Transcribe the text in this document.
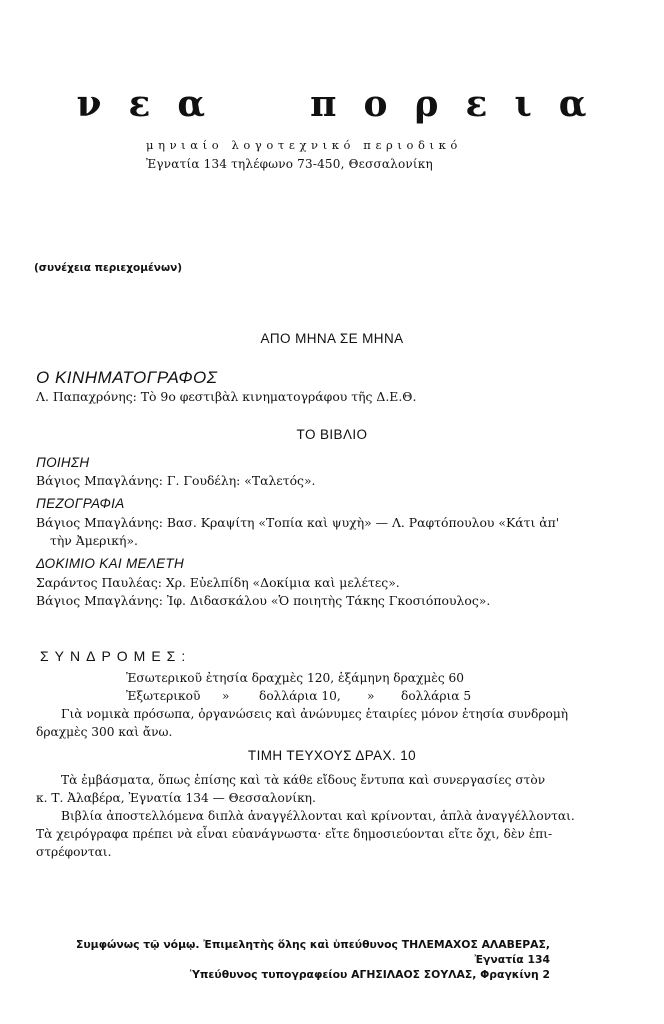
ν ε α	π ο ρ ε ι α
μηνιαίο λογοτεχνικό περιοδικό
Ἐγνατία 134 τηλέφωνο 73-450, Θεσσαλονίκη
(συνέχεια περιεχομένων)
ΑΠΟ ΜΗΝΑ ΣΕ ΜΗΝΑ
Ο ΚΙΝΗΜΑΤΟΓΡΑΦΟΣ
Λ. Παπαχρόνης: Τὸ 9ο φεστιβὰλ κινηματογράφου τῆς Δ.Ε.Θ.
ΤΟ ΒΙΒΛΙΟ
ΠΟΙΗΣΗ
Βάγιος Μπαγλάνης: Γ. Γουδέλη: «Ταλετός».
ΠΕΖΟΓΡΑΦΙΑ
Βάγιος Μπαγλάνης: Βασ. Κραψίτη «Τοπία καὶ ψυχὴ» — Λ. Ραφτόπουλου «Κάτι ἀπ'
τὴν Ἀμερική».
ΔΟΚΙΜΙΟ ΚΑΙ ΜΕΛΕΤΗ
Σαράντος Παυλέας: Χρ. Εὐελπίδη «Δοκίμια καὶ μελέτες».
Βάγιος Μπαγλάνης: Ἰφ. Διδασκάλου «Ὁ ποιητὴς Τάκης Γκοσιόπουλος».
ΣΥΝΔΡΟΜΕΣ:
Ἐσωτερικοῦ ἐτησία δραχμὲς 120, ἑξάμηνη δραχμὲς 60
Ἐξωτερικοῦ » δολλάρια 10, » δολλάρια 5
Γιὰ νομικὰ πρόσωπα, ὀργανώσεις καὶ ἀνώνυμες ἑταιρίες μόνον ἐτησία συνδρομὴ
δραχμὲς 300 καὶ ἄνω.
ΤΙΜΗ ΤΕΥΧΟΥΣ ΔΡΑΧ. 10
Τὰ ἐμβάσματα, ὅπως ἐπίσης καὶ τὰ κάθε εἴδους ἔντυπα καὶ συνεργασίες στὸν
κ. Τ. Ἀλαβέρα, Ἐγνατία 134 — Θεσσαλονίκη.
Βιβλία ἀποστελλόμενα διπλὰ ἀναγγέλλονται καὶ κρίνονται, ἁπλὰ ἀναγγέλλονται.
Τὰ χειρόγραφα πρέπει νὰ εἶναι εὐανάγνωστα· εἴτε δημοσιεύονται εἴτε ὄχι, δὲν ἐπι-
στρέφονται.
Συμφώνως τῷ νόμῳ. Ἐπιμελητὴς ὅλης καὶ ὑπεύθυνος ΤΗΛΕΜΑΧΟΣ ΑΛΑΒΕΡΑΣ,
Ἐγνατία 134
Ὑπεύθυνος τυπογραφείου ΑΓΗΣΙΛΑΟΣ ΣΟΥΛΑΣ, Φραγκίνη 2
